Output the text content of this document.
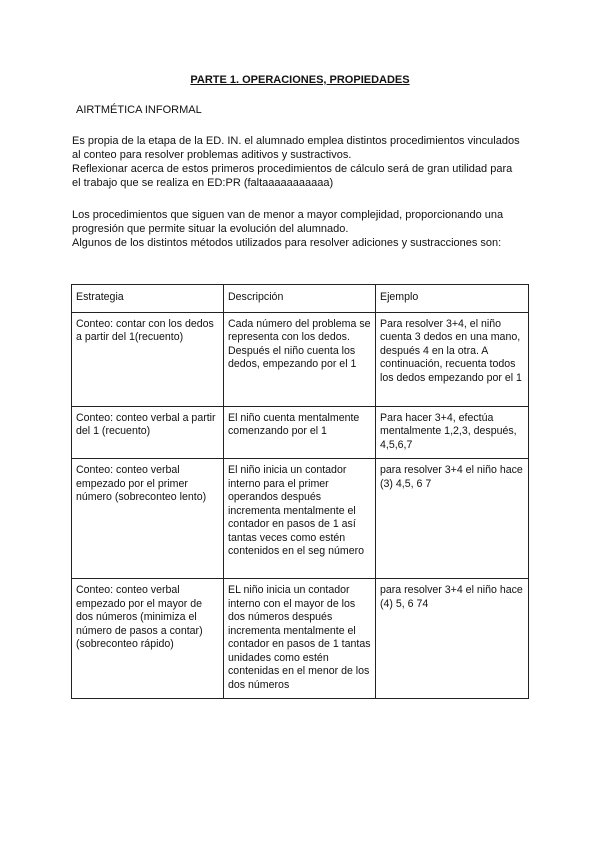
PARTE 1. OPERACIONES, PROPIEDADES
AIRTMÉTICA INFORMAL

Es propia de la etapa de la ED. IN. el alumnado emplea distintos procedimientos vinculados

al conteo para resolver problemas aditivos y sustractivos.

Reflexionar acerca de estos primeros procedimientos de cálculo será de gran utilidad para

el trabajo que se realiza en ED:PR (faltaaaaaaaaaaa)

Los procedimientos que siguen van de menor a mayor complejidad, proporcionando una

progresión que permite situar la evolución del alumnado.

Algunos de los distintos métodos utilizados para resolver adiciones y sustracciones son:

Estrategia	Descripción	Ejemplo
Conteo: contar con los dedos a partir del 1(recuento)	Cada número del problema se representa con los dedos. Después el niño cuenta los dedos, empezando por el 1	Para resolver 3+4, el niño cuenta 3 dedos en una mano, después 4 en la otra. A continuación, recuenta todos los dedos empezando por el 1
Conteo: conteo verbal a partir del 1 (recuento)	El niño cuenta mentalmente comenzando por el 1	Para hacer 3+4, efectúa mentalmente 1,2,3, después, 4,5,6,7
Conteo: conteo verbal empezado por el primer número (sobreconteo lento)	El niño inicia un contador interno para el primer operandos después incrementa mentalmente el contador en pasos de 1 así tantas veces como estén contenidos en el seg número	para resolver 3+4 el niño hace (3) 4,5, 6 7
Conteo: conteo verbal empezado por el mayor de dos números (minimiza el número de pasos a contar) (sobreconteo rápido)	EL niño inicia un contador interno con el mayor de los dos números después incrementa mentalmente el contador en pasos de 1 tantas unidades como estén contenidas en el menor de los dos números	para resolver 3+4 el niño hace (4) 5, 6 74
